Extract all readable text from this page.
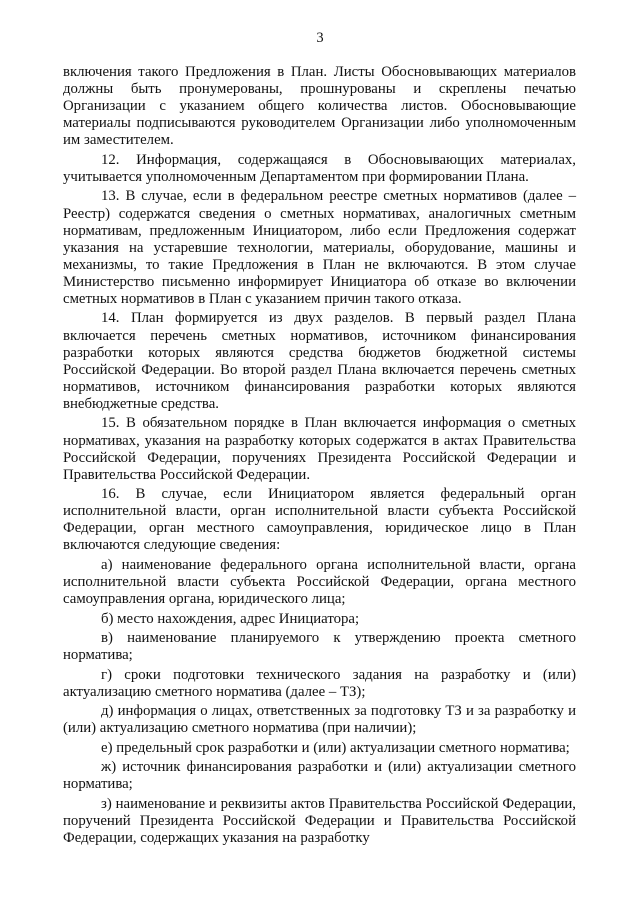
3

включения такого Предложения в План. Листы Обосновывающих материалов должны быть пронумерованы, прошнурованы и скреплены печатью Организации с указанием общего количества листов. Обосновывающие материалы подписываются руководителем Организации либо уполномоченным им заместителем.

12. Информация, содержащаяся в Обосновывающих материалах, учитывается уполномоченным Департаментом при формировании Плана.

13. В случае, если в федеральном реестре сметных нормативов (далее – Реестр) содержатся сведения о сметных нормативах, аналогичных сметным нормативам, предложенным Инициатором, либо если Предложения содержат указания на устаревшие технологии, материалы, оборудование, машины и механизмы, то такие Предложения в План не включаются. В этом случае Министерство письменно информирует Инициатора об отказе во включении сметных нормативов в План с указанием причин такого отказа.

14. План формируется из двух разделов. В первый раздел Плана включается перечень сметных нормативов, источником финансирования разработки которых являются средства бюджетов бюджетной системы Российской Федерации. Во второй раздел Плана включается перечень сметных нормативов, источником финансирования разработки которых являются внебюджетные средства.

15. В обязательном порядке в План включается информация о сметных нормативах, указания на разработку которых содержатся в актах Правительства Российской Федерации, поручениях Президента Российской Федерации и Правительства Российской Федерации.

16. В случае, если Инициатором является федеральный орган исполнительной власти, орган исполнительной власти субъекта Российской Федерации, орган местного самоуправления, юридическое лицо в План включаются следующие сведения:

а) наименование федерального органа исполнительной власти, органа исполнительной власти субъекта Российской Федерации, органа местного самоуправления органа, юридического лица;

б) место нахождения, адрес Инициатора;

в) наименование планируемого к утверждению проекта сметного норматива;

г) сроки подготовки технического задания на разработку и (или) актуализацию сметного норматива (далее – ТЗ);

д) информация о лицах, ответственных за подготовку ТЗ и за разработку и (или) актуализацию сметного норматива (при наличии);

е) предельный срок разработки и (или) актуализации сметного норматива;

ж) источник финансирования разработки и (или) актуализации сметного норматива;

з) наименование и реквизиты актов Правительства Российской Федерации, поручений Президента Российской Федерации и Правительства Российской Федерации, содержащих указания на разработку
